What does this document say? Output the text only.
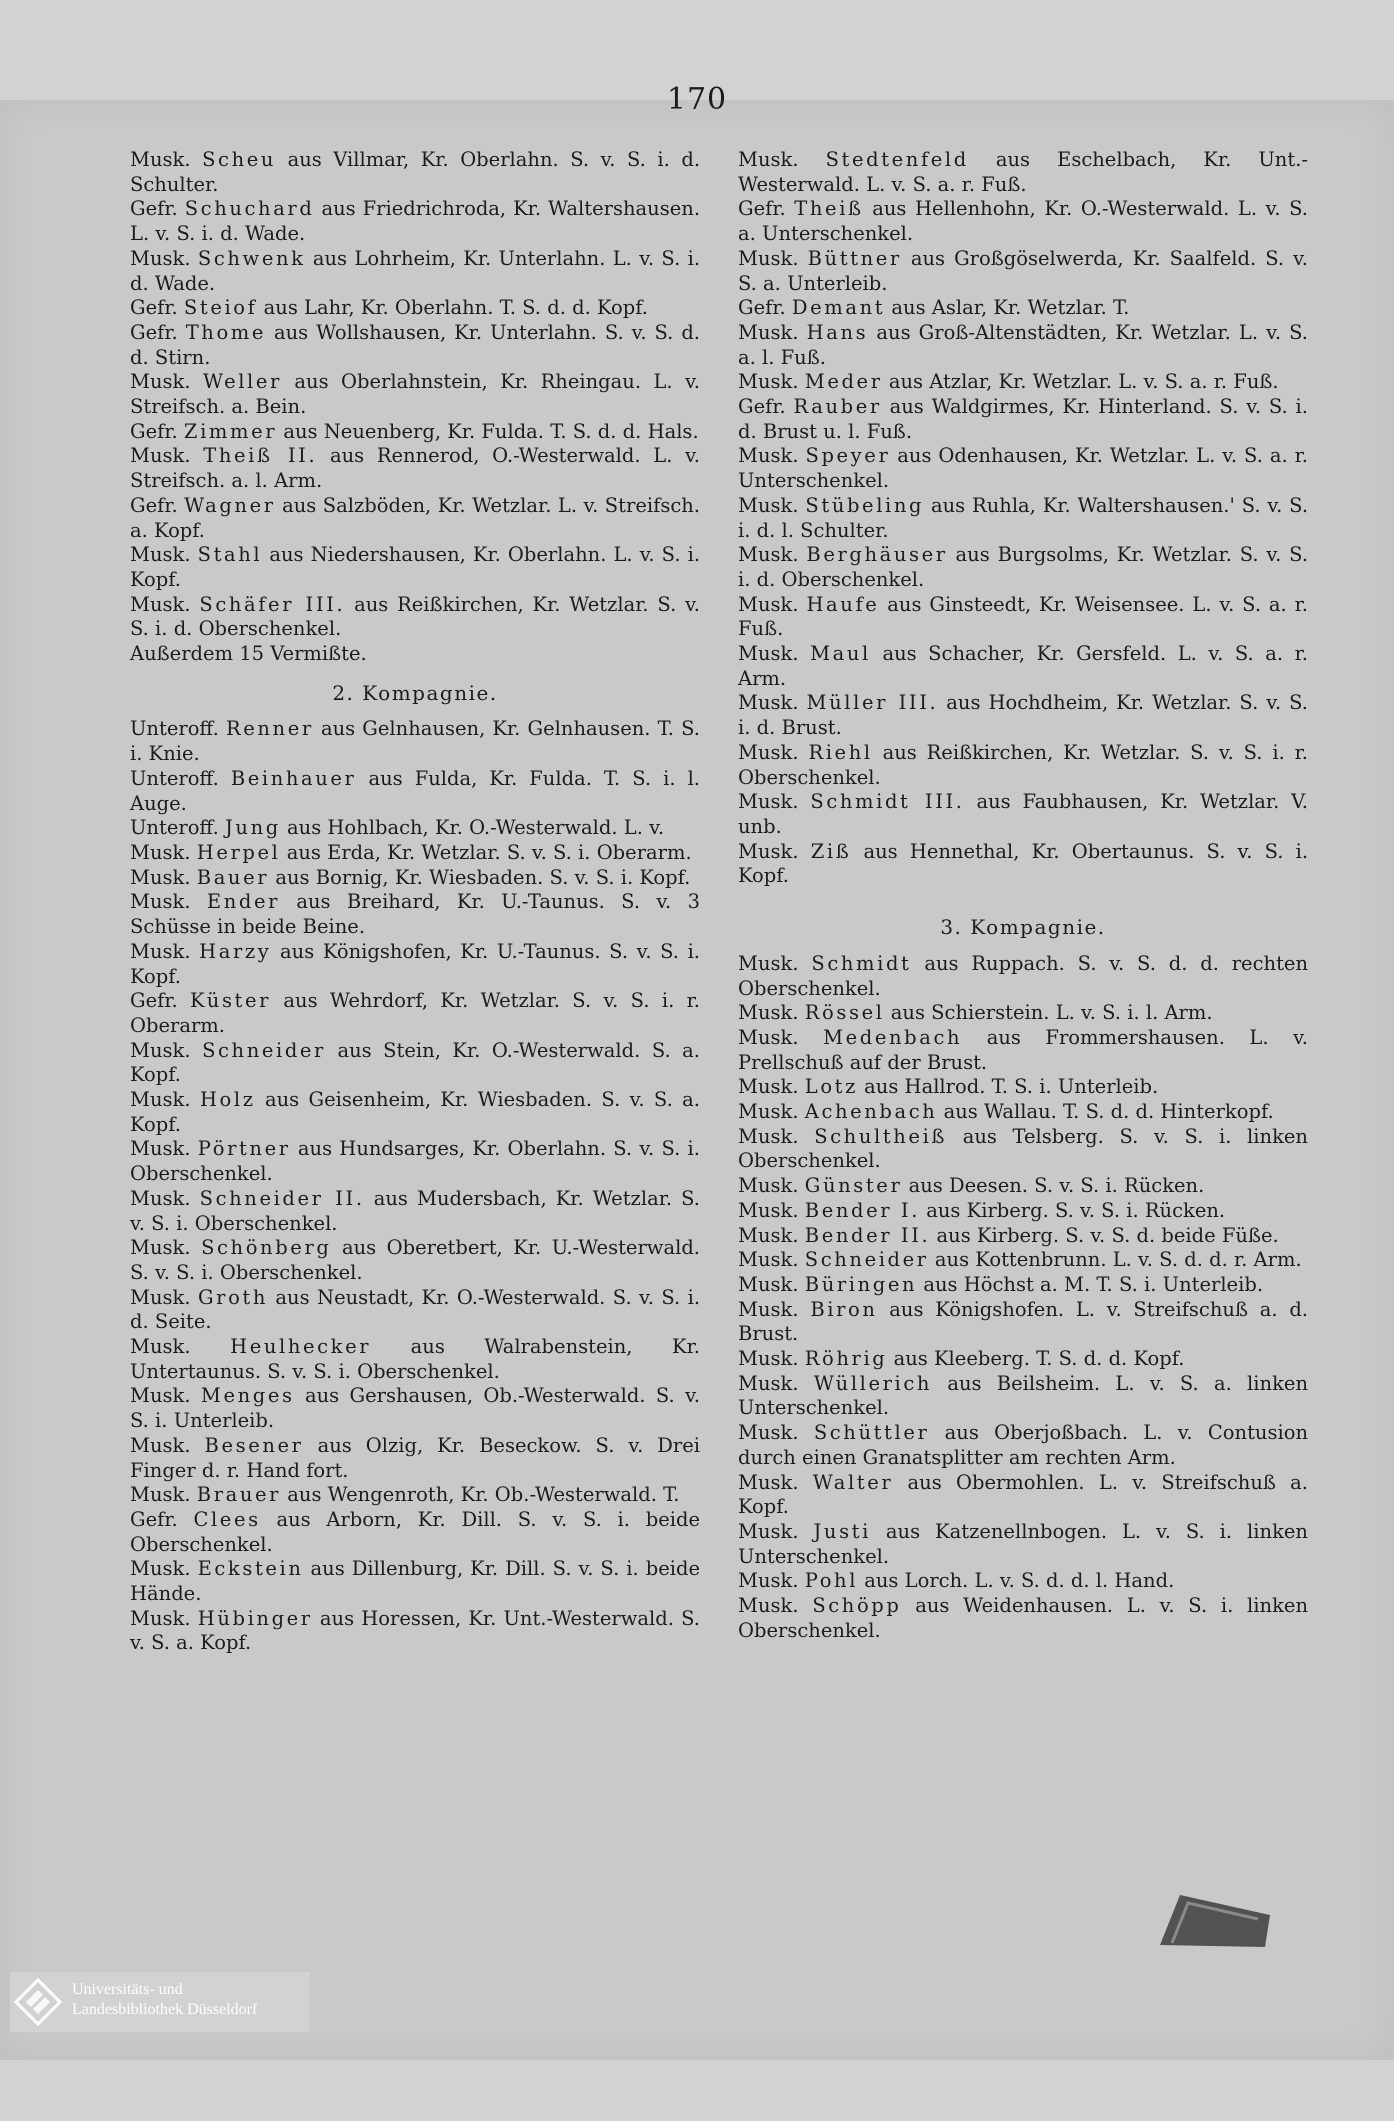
170
Musk. Scheu aus Villmar, Kr. Oberlahn. S. v. S. i. d. Schulter.
Gefr. Schuchard aus Friedrichroda, Kr. Waltershausen. L. v. S. i. d. Wade.
Musk. Schwenk aus Lohrheim, Kr. Unterlahn. L. v. S. i. d. Wade.
Gefr. Steiof aus Lahr, Kr. Oberlahn. T. S. d. d. Kopf.
Gefr. Thome aus Wollshausen, Kr. Unterlahn. S. v. S. d. d. Stirn.
Musk. Weller aus Oberlahnstein, Kr. Rheingau. L. v. Streifsch. a. Bein.
Gefr. Zimmer aus Neuenberg, Kr. Fulda. T. S. d. d. Hals.
Musk. Theiß II. aus Rennerod, O.-Westerwald. L. v. Streifsch. a. l. Arm.
Gefr. Wagner aus Salzböden, Kr. Wetzlar. L. v. Streifsch. a. Kopf.
Musk. Stahl aus Niedershausen, Kr. Oberlahn. L. v. S. i. Kopf.
Musk. Schäfer III. aus Reißkirchen, Kr. Wetzlar. S. v. S. i. d. Oberschenkel.
Außerdem 15 Vermißte.
2. Kompagnie.
Unteroff. Renner aus Gelnhausen, Kr. Gelnhausen. T. S. i. Knie.
Unteroff. Beinhauer aus Fulda, Kr. Fulda. T. S. i. l. Auge.
Unteroff. Jung aus Hohlbach, Kr. O.-Westerwald. L. v.
Musk. Herpel aus Erda, Kr. Wetzlar. S. v. S. i. Oberarm.
Musk. Bauer aus Bornig, Kr. Wiesbaden. S. v. S. i. Kopf.
Musk. Ender aus Breihard, Kr. U.-Taunus. S. v. 3 Schüsse in beide Beine.
Musk. Harzy aus Königshofen, Kr. U.-Taunus. S. v. S. i. Kopf.
Gefr. Küster aus Wehrdorf, Kr. Wetzlar. S. v. S. i. r. Oberarm.
Musk. Schneider aus Stein, Kr. O.-Westerwald. S. a. Kopf.
Musk. Holz aus Geisenheim, Kr. Wiesbaden. S. v. S. a. Kopf.
Musk. Pörtner aus Hundsarges, Kr. Oberlahn. S. v. S. i. Oberschenkel.
Musk. Schneider II. aus Mudersbach, Kr. Wetzlar. S. v. S. i. Oberschenkel.
Musk. Schönberg aus Oberetbert, Kr. U.-Westerwald. S. v. S. i. Oberschenkel.
Musk. Groth aus Neustadt, Kr. O.-Westerwald. S. v. S. i. d. Seite.
Musk. Heulhecker aus Walrabenstein, Kr. Untertaunus. S. v. S. i. Oberschenkel.
Musk. Menges aus Gershausen, Ob.-Westerwald. S. v. S. i. Unterleib.
Musk. Besener aus Olzig, Kr. Beseckow. S. v. Drei Finger d. r. Hand fort.
Musk. Brauer aus Wengenroth, Kr. Ob.-Westerwald. T.
Gefr. Clees aus Arborn, Kr. Dill. S. v. S. i. beide Oberschenkel.
Musk. Eckstein aus Dillenburg, Kr. Dill. S. v. S. i. beide Hände.
Musk. Hübinger aus Horessen, Kr. Unt.-Westerwald. S. v. S. a. Kopf.
Musk. Stedtenfeld aus Eschelbach, Kr. Unt.-Westerwald. L. v. S. a. r. Fuß.
Gefr. Theiß aus Hellenhohn, Kr. O.-Westerwald. L. v. S. a. Unterschenkel.
Musk. Büttner aus Großgöselwerda, Kr. Saalfeld. S. v. S. a. Unterleib.
Gefr. Demant aus Aslar, Kr. Wetzlar. T.
Musk. Hans aus Groß-Altenstädten, Kr. Wetzlar. L. v. S. a. l. Fuß.
Musk. Meder aus Atzlar, Kr. Wetzlar. L. v. S. a. r. Fuß.
Gefr. Rauber aus Waldgirmes, Kr. Hinterland. S. v. S. i. d. Brust u. l. Fuß.
Musk. Speyer aus Odenhausen, Kr. Wetzlar. L. v. S. a. r. Unterschenkel.
Musk. Stübeling aus Ruhla, Kr. Waltershausen.' S. v. S. i. d. l. Schulter.
Musk. Berghäuser aus Burgsolms, Kr. Wetzlar. S. v. S. i. d. Oberschenkel.
Musk. Haufe aus Ginsteedt, Kr. Weisensee. L. v. S. a. r. Fuß.
Musk. Maul aus Schacher, Kr. Gersfeld. L. v. S. a. r. Arm.
Musk. Müller III. aus Hochdheim, Kr. Wetzlar. S. v. S. i. d. Brust.
Musk. Riehl aus Reißkirchen, Kr. Wetzlar. S. v. S. i. r. Oberschenkel.
Musk. Schmidt III. aus Faubhausen, Kr. Wetzlar. V. unb.
Musk. Ziß aus Hennethal, Kr. Obertaunus. S. v. S. i. Kopf.
3. Kompagnie.
Musk. Schmidt aus Ruppach. S. v. S. d. d. rechten Oberschenkel.
Musk. Rössel aus Schierstein. L. v. S. i. l. Arm.
Musk. Medenbach aus Frommershausen. L. v. Prellschuß auf der Brust.
Musk. Lotz aus Hallrod. T. S. i. Unterleib.
Musk. Achenbach aus Wallau. T. S. d. d. Hinterkopf.
Musk. Schultheiß aus Telsberg. S. v. S. i. linken Oberschenkel.
Musk. Günster aus Deesen. S. v. S. i. Rücken.
Musk. Bender I. aus Kirberg. S. v. S. i. Rücken.
Musk. Bender II. aus Kirberg. S. v. S. d. beide Füße.
Musk. Schneider aus Kottenbrunn. L. v. S. d. d. r. Arm.
Musk. Büringen aus Höchst a. M. T. S. i. Unterleib.
Musk. Biron aus Königshofen. L. v. Streifschuß a. d. Brust.
Musk. Röhrig aus Kleeberg. T. S. d. d. Kopf.
Musk. Wüllerich aus Beilsheim. L. v. S. a. linken Unterschenkel.
Musk. Schüttler aus Oberjoßbach. L. v. Contusion durch einen Granatsplitter am rechten Arm.
Musk. Walter aus Obermohlen. L. v. Streifschuß a. Kopf.
Musk. Justi aus Katzenellnbogen. L. v. S. i. linken Unterschenkel.
Musk. Pohl aus Lorch. L. v. S. d. d. l. Hand.
Musk. Schöpp aus Weidenhausen. L. v. S. i. linken Oberschenkel.
Universitäts- und
Landesbibliothek Düsseldorf
